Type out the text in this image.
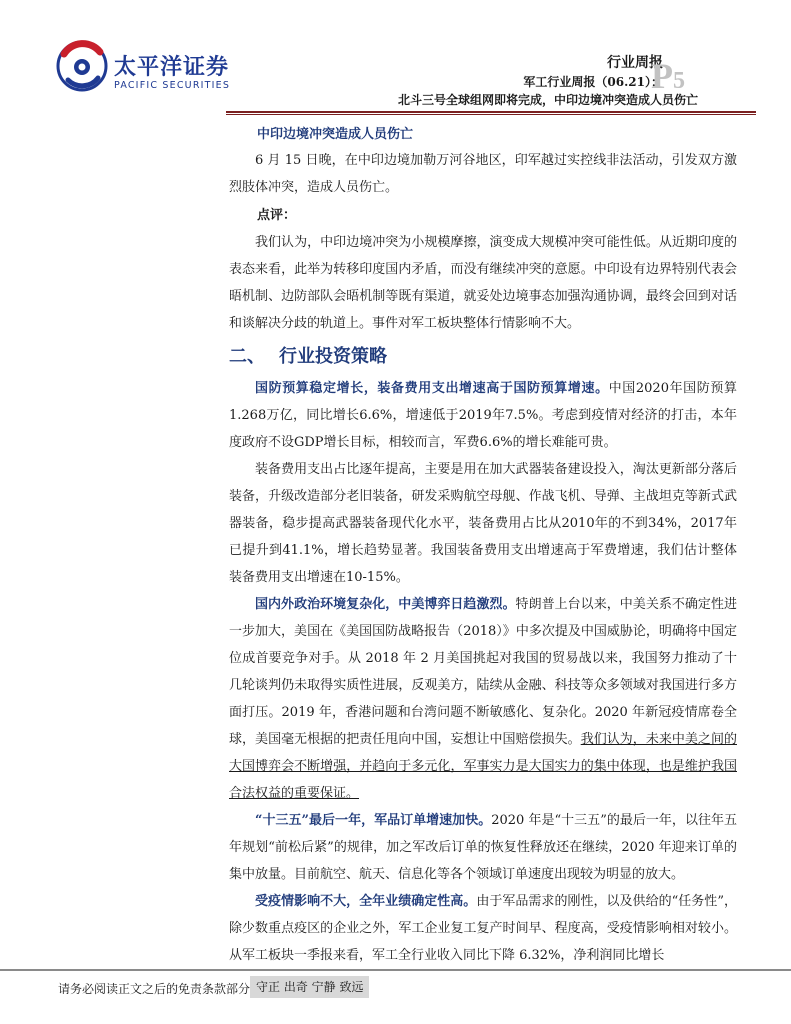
太平洋证券
PACIFIC SECURITIES
行业周报
军工行业周报（06.21）：
北斗三号全球组网即将完成，中印边境冲突造成人员伤亡
P5
中印边境冲突造成人员伤亡

6 月 15 日晚，在中印边境加勒万河谷地区，印军越过实控线非法活动，引发双方激烈肢体冲突，造成人员伤亡。

点评：

我们认为，中印边境冲突为小规模摩擦，演变成大规模冲突可能性低。从近期印度的表态来看，此举为转移印度国内矛盾，而没有继续冲突的意愿。中印设有边界特别代表会晤机制、边防部队会晤机制等既有渠道，就妥处边境事态加强沟通协调，最终会回到对话和谈解决分歧的轨道上。事件对军工板块整体行情影响不大。

二、 行业投资策略

国防预算稳定增长，装备费用支出增速高于国防预算增速。中国2020年国防预算1.268万亿，同比增长6.6%，增速低于2019年7.5%。考虑到疫情对经济的打击，本年度政府不设GDP增长目标，相较而言，军费6.6%的增长难能可贵。

装备费用支出占比逐年提高，主要是用在加大武器装备建设投入，淘汰更新部分落后装备，升级改造部分老旧装备，研发采购航空母舰、作战飞机、导弹、主战坦克等新式武器装备，稳步提高武器装备现代化水平，装备费用占比从2010年的不到34%，2017年已提升到41.1%，增长趋势显著。我国装备费用支出增速高于军费增速，我们估计整体装备费用支出增速在10-15%。

国内外政治环境复杂化，中美博弈日趋激烈。特朗普上台以来，中美关系不确定性进一步加大，美国在《美国国防战略报告（2018）》中多次提及中国威胁论，明确将中国定位成首要竞争对手。从 2018 年 2 月美国挑起对我国的贸易战以来，我国努力推动了十几轮谈判仍未取得实质性进展，反观美方，陆续从金融、科技等众多领域对我国进行多方面打压。2019 年，香港问题和台湾问题不断敏感化、复杂化。2020 年新冠疫情席卷全球，美国毫无根据的把责任甩向中国，妄想让中国赔偿损失。我们认为，未来中美之间的大国博弈会不断增强，并趋向于多元化，军事实力是大国实力的集中体现，也是维护我国合法权益的重要保证。

“十三五”最后一年，军品订单增速加快。2020 年是“十三五”的最后一年，以往年五年规划“前松后紧”的规律，加之军改后订单的恢复性释放还在继续，2020 年迎来订单的集中放量。目前航空、航天、信息化等各个领域订单速度出现较为明显的放大。

受疫情影响不大，全年业绩确定性高。由于军品需求的刚性，以及供给的“任务性”，除少数重点疫区的企业之外，军工企业复工复产时间早、程度高，受疫情影响相对较小。从军工板块一季报来看，军工全行业收入同比下降 6.32%，净利润同比增长

请务必阅读正文之后的免责条款部分 守正 出奇 宁静 致远
